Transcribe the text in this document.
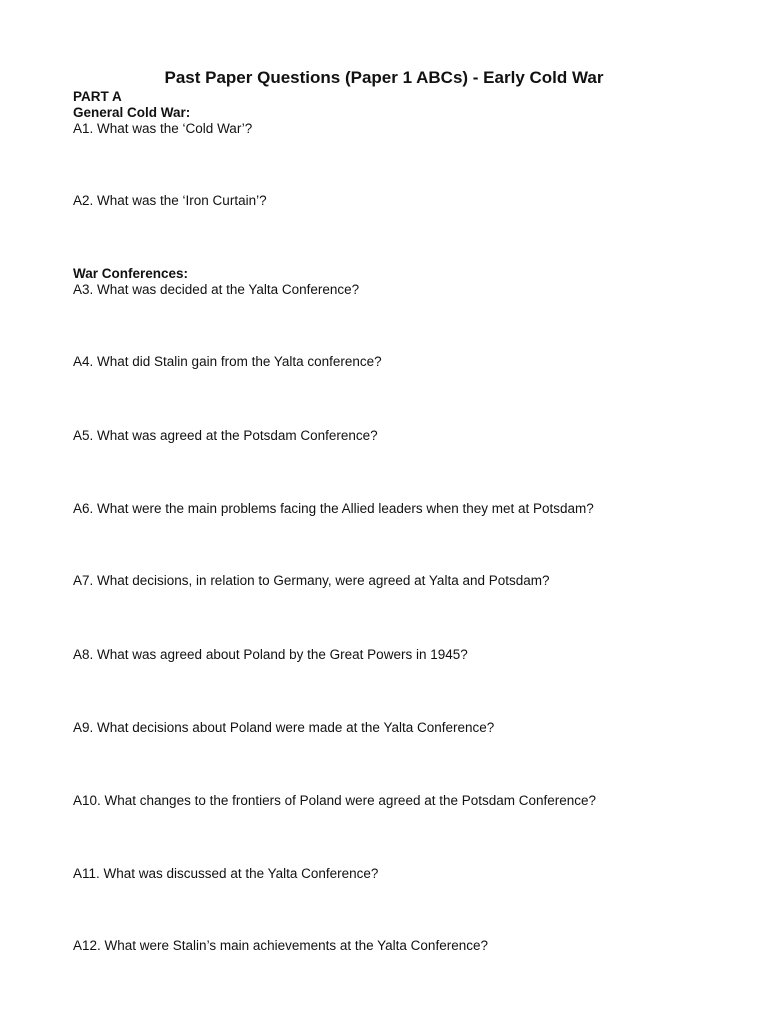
Past Paper Questions (Paper 1 ABCs) - Early Cold War
PART A
General Cold War:
A1. What was the ‘Cold War’?
A2. What was the ‘Iron Curtain’?
War Conferences:
A3. What was decided at the Yalta Conference?
A4. What did Stalin gain from the Yalta conference?
A5. What was agreed at the Potsdam Conference?
A6. What were the main problems facing the Allied leaders when they met at Potsdam?
A7. What decisions, in relation to Germany, were agreed at Yalta and Potsdam?
A8. What was agreed about Poland by the Great Powers in 1945?
A9. What decisions about Poland were made at the Yalta Conference?
A10. What changes to the frontiers of Poland were agreed at the Potsdam Conference?
A11. What was discussed at the Yalta Conference?
A12. What were Stalin’s main achievements at the Yalta Conference?
